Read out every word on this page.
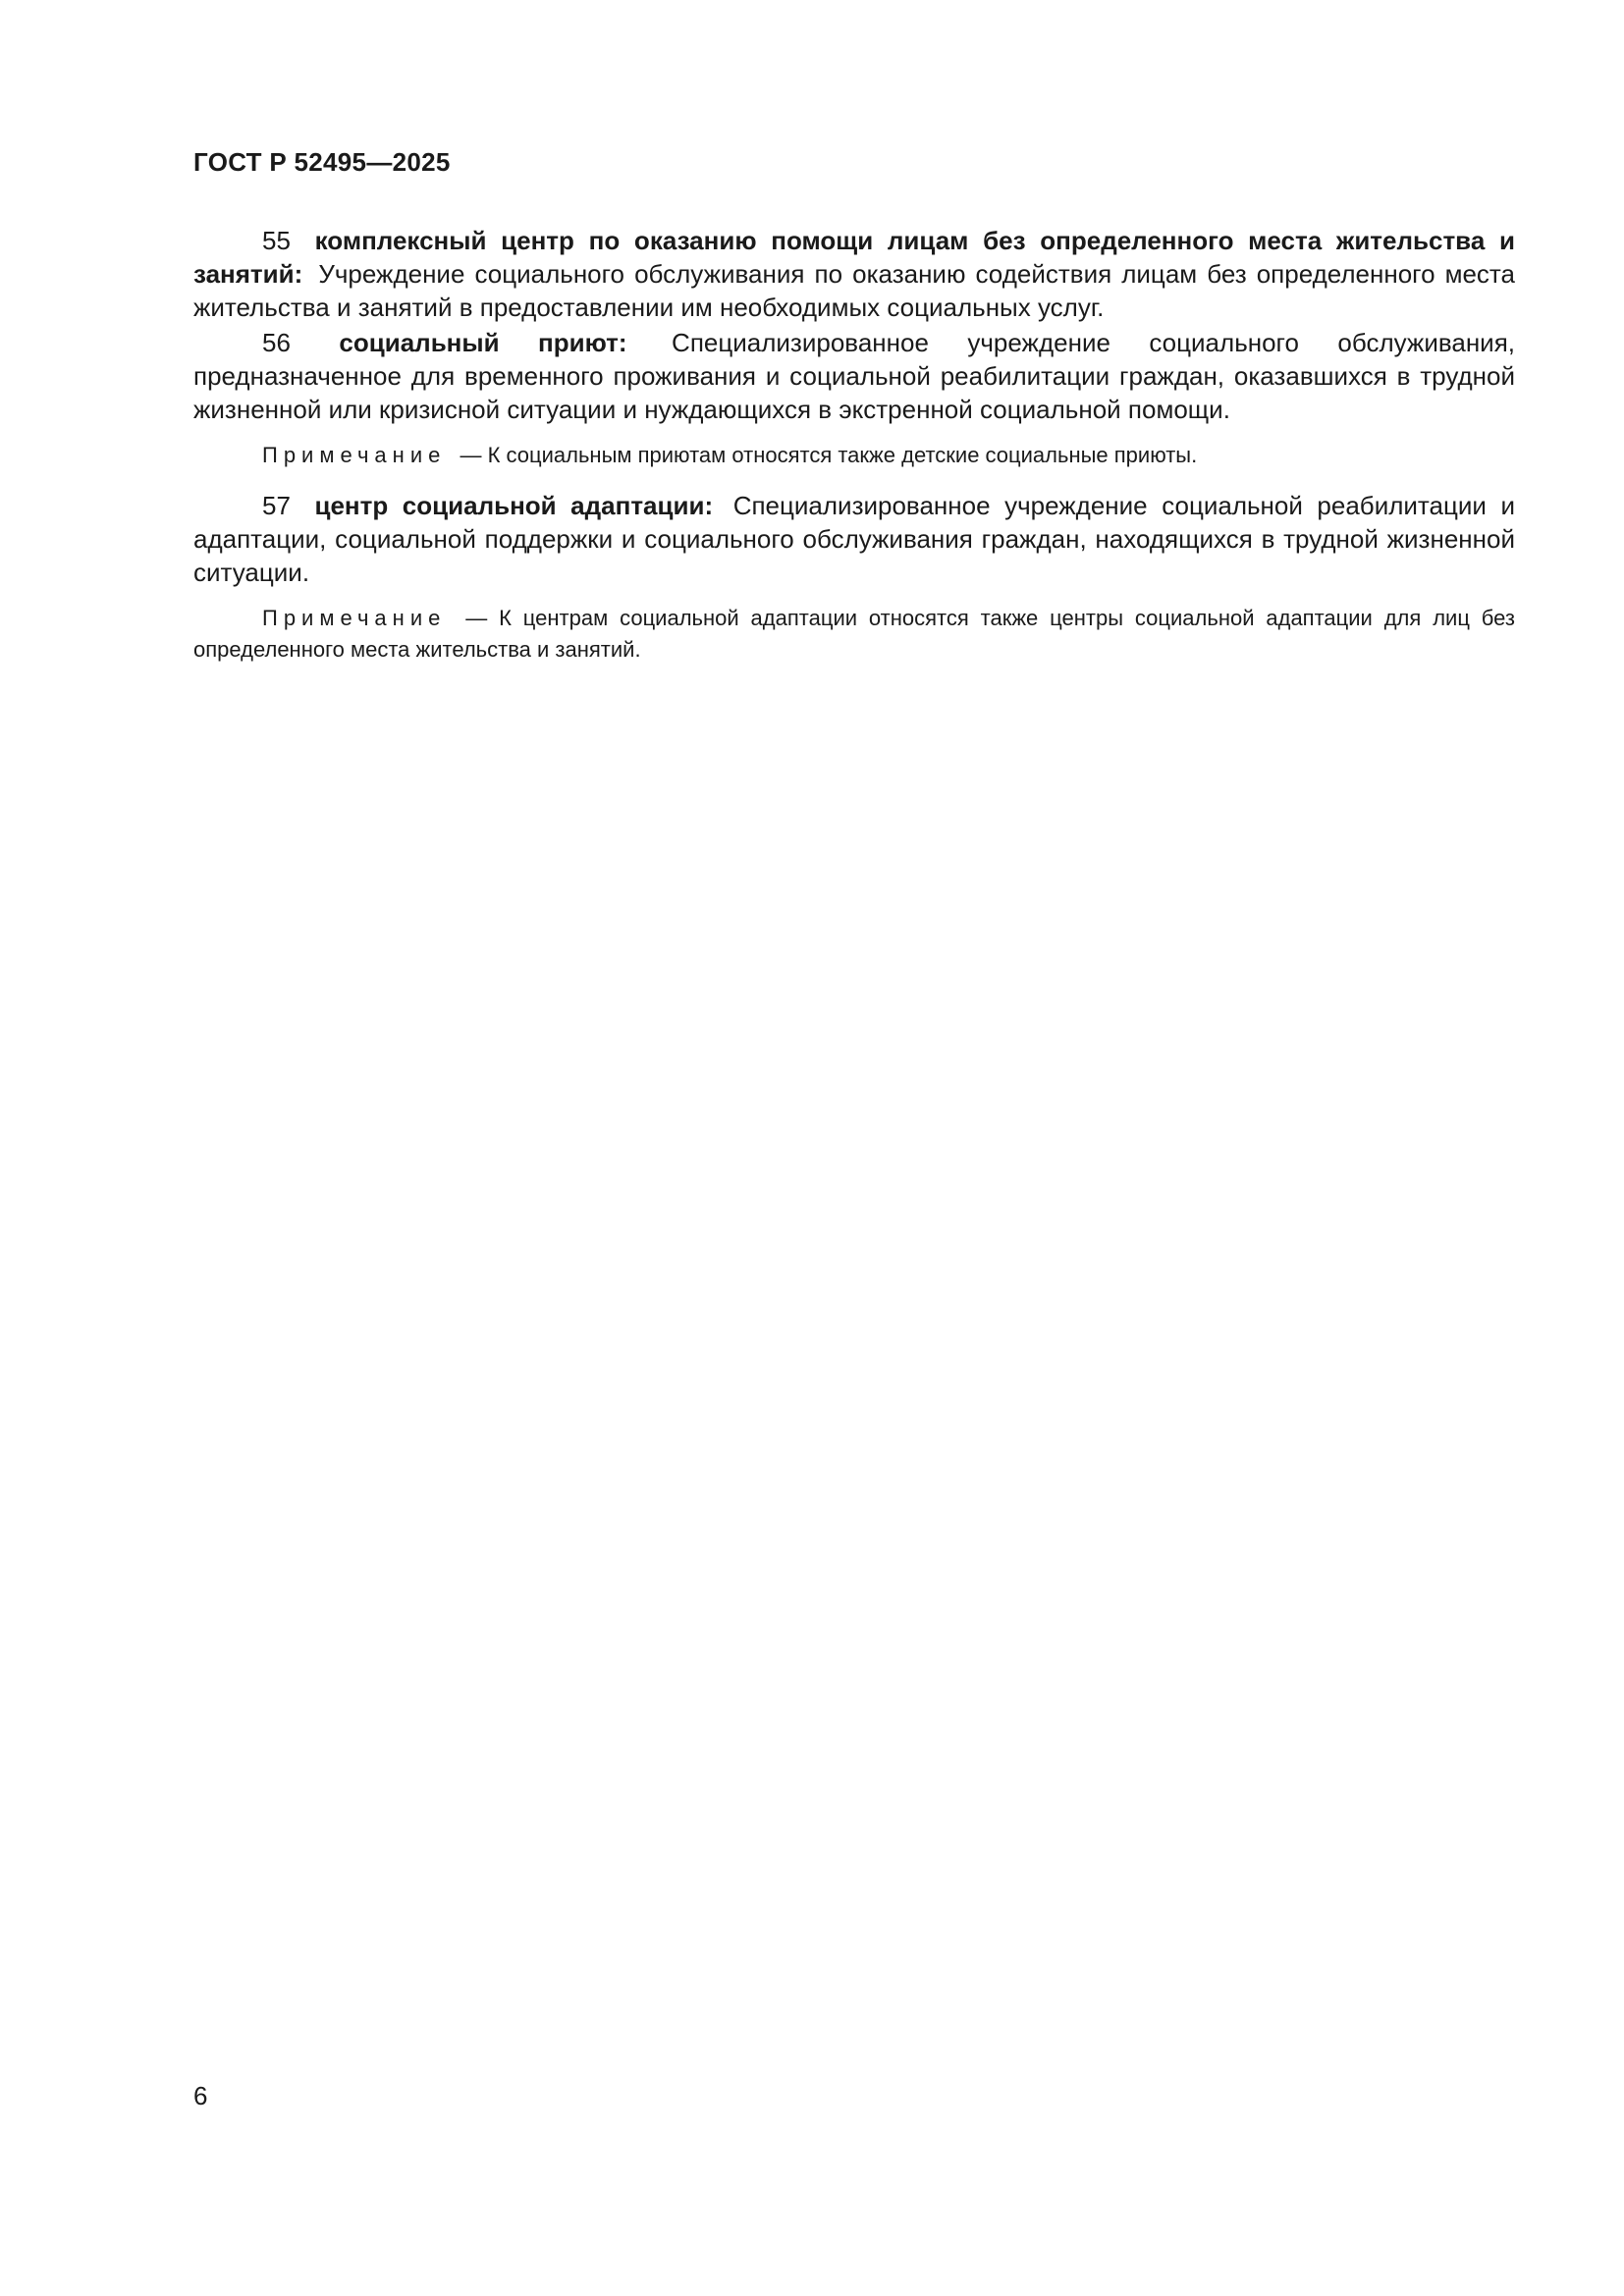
ГОСТ Р 52495—2025

55 комплексный центр по оказанию помощи лицам без определенного места жительства и занятий: Учреждение социального обслуживания по оказанию содействия лицам без определенного места жительства и занятий в предоставлении им необходимых социальных услуг.

56 социальный приют: Специализированное учреждение социального обслуживания, предназначенное для временного проживания и социальной реабилитации граждан, оказавшихся в трудной жизненной или кризисной ситуации и нуждающихся в экстренной социальной помощи.

Примечание — К социальным приютам относятся также детские социальные приюты.

57 центр социальной адаптации: Специализированное учреждение социальной реабилитации и адаптации, социальной поддержки и социального обслуживания граждан, находящихся в трудной жизненной ситуации.

Примечание — К центрам социальной адаптации относятся также центры социальной адаптации для лиц без определенного места жительства и занятий.

6
